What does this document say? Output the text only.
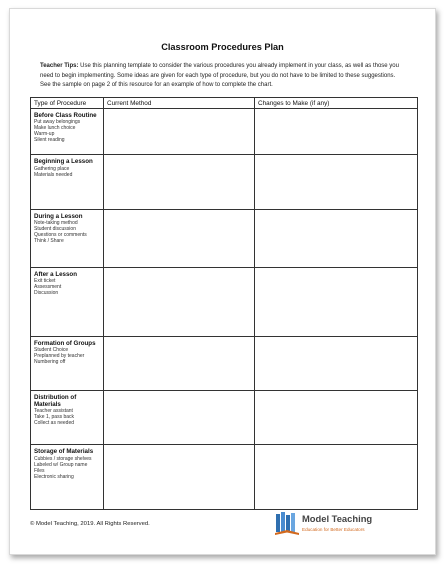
Classroom Procedures Plan
Teacher Tips: Use this planning template to consider the various procedures you already implement in your class, as well as those you need to begin implementing. Some ideas are given for each type of procedure, but you do not have to be limited to these suggestions. See the sample on page 2 of this resource for an example of how to complete the chart.
Type of Procedure	Current Method	Changes to Make (if any)

Before Class Routine
Put away belongings
Make lunch choice
Warm-up
Silent reading		

Beginning a Lesson
Gathering place
Materials needed		

During a Lesson
Note-taking method
Student discussion
Questions or comments
Think / Share		

After a Lesson
Exit ticket
Assessment
Discussion		

Formation of Groups
Student Choice
Preplanned by teacher
Numbering off		

Distribution of Materials
Teacher assistant
Take 1, pass back
Collect as needed		

Storage of Materials
Cubbies / storage shelves
Labeled w/ Group name
Files
Electronic sharing		

© Model Teaching, 2019. All Rights Reserved.	Model Teaching
Education for Better Educators
